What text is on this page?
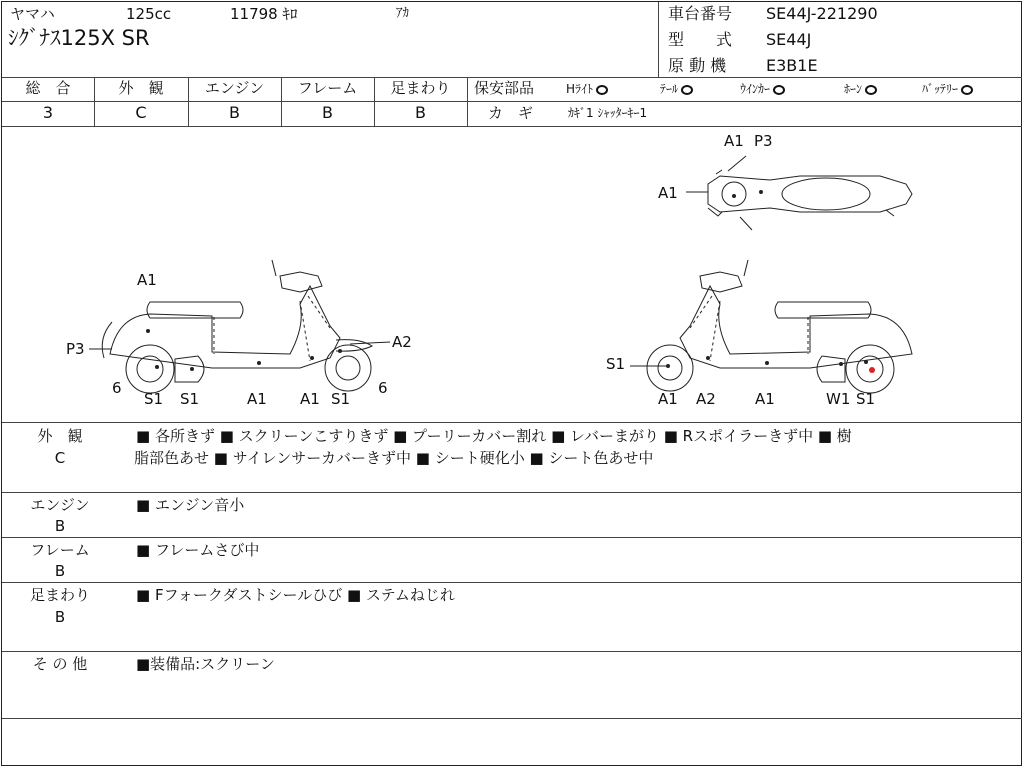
ヤマハ	125cc	11798 ｷﾛ	ｱｶ
ｼｸﾞﾅｽ125X SR
車台番号 SE44J-221290
型　　式 SE44J
原 動 機 E3B1E
総　合	外　観	エンジン	フレーム	足まわり
3	C	B	B	B
保安部品	Hﾗｲﾄ	ﾃｰﾙ	ｳｲﾝｶｰ	ﾎｰﾝ	ﾊﾞｯﾃﾘｰ
カ　ギ	ｶｷﾞ1 ｼｬｯﾀｰｷｰ1
A1 P3
A1
A1
P3
6
A2
6
S1 S1	A1 A1 S1
S1
A1 A2	A1	W1 S1
外　観
C
■ 各所きず ■ スクリーンこすりきず ■ プーリーカバー割れ ■ レバーまがり ■ Rスポイラーきず中 ■ 樹
脂部色あせ ■ サイレンサーカバーきず中 ■ シート硬化小 ■ シート色あせ中
エンジン
B
■ エンジン音小
フレーム
B
■ フレームさび中
足まわり
B
■ Fフォークダストシールひび ■ ステムねじれ
そ の 他	■装備品:スクリーン
